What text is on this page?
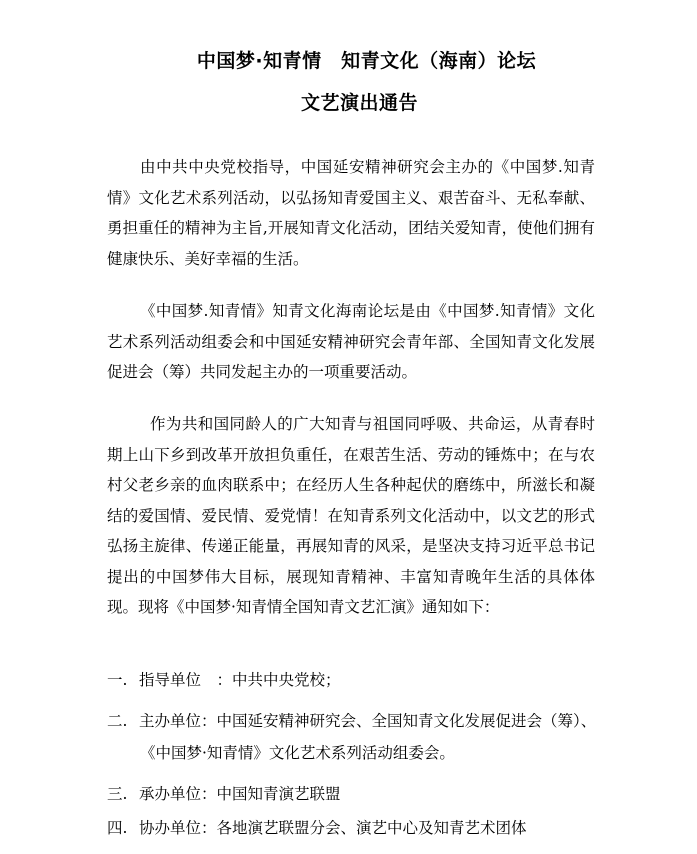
中国梦·知青情　知青文化（海南）论坛
文艺演出通告
由中共中央党校指导，中国延安精神研究会主办的《中国梦.知青情》文化艺术系列活动，以弘扬知青爱国主义、艰苦奋斗、无私奉献、勇担重任的精神为主旨,开展知青文化活动，团结关爱知青，使他们拥有健康快乐、美好幸福的生活。
《中国梦.知青情》知青文化海南论坛是由《中国梦.知青情》文化艺术系列活动组委会和中国延安精神研究会青年部、全国知青文化发展促进会（筹）共同发起主办的一项重要活动。
作为共和国同龄人的广大知青与祖国同呼吸、共命运，从青春时期上山下乡到改革开放担负重任，在艰苦生活、劳动的锤炼中；在与农村父老乡亲的血肉联系中；在经历人生各种起伏的磨练中，所滋长和凝结的爱国情、爱民情、爱党情！在知青系列文化活动中，以文艺的形式弘扬主旋律、传递正能量，再展知青的风采，是坚决支持习近平总书记提出的中国梦伟大目标，展现知青精神、丰富知青晚年生活的具体体现。现将《中国梦·知青情全国知青文艺汇演》通知如下：
一. 指导单位　：中共中央党校；
二. 主办单位：中国延安精神研究会、全国知青文化发展促进会（筹）、
《中国梦·知青情》文化艺术系列活动组委会。
三. 承办单位：中国知青演艺联盟
四. 协办单位：各地演艺联盟分会、演艺中心及知青艺术团体
